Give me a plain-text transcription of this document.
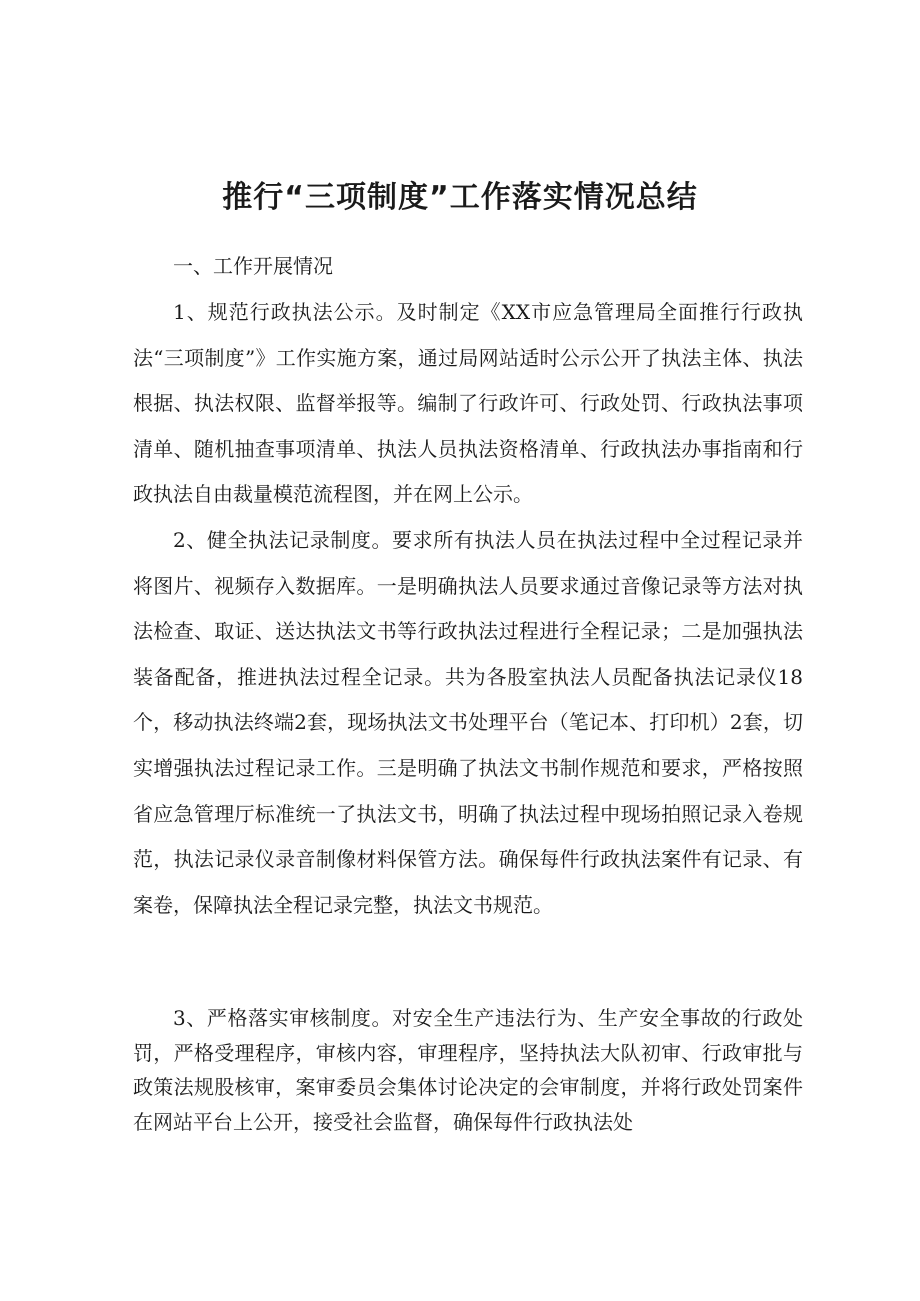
推行“三项制度”工作落实情况总结

一、工作开展情况

1、规范行政执法公示。及时制定《XX市应急管理局全面推行行政执法“三项制度”》工作实施方案，通过局网站适时公示公开了执法主体、执法根据、执法权限、监督举报等。编制了行政许可、行政处罚、行政执法事项清单、随机抽查事项清单、执法人员执法资格清单、行政执法办事指南和行政执法自由裁量模范流程图，并在网上公示。

2、健全执法记录制度。要求所有执法人员在执法过程中全过程记录并将图片、视频存入数据库。一是明确执法人员要求通过音像记录等方法对执法检查、取证、送达执法文书等行政执法过程进行全程记录；二是加强执法装备配备，推进执法过程全记录。共为各股室执法人员配备执法记录仪18个，移动执法终端2套，现场执法文书处理平台（笔记本、打印机）2套，切实增强执法过程记录工作。三是明确了执法文书制作规范和要求，严格按照省应急管理厅标准统一了执法文书，明确了执法过程中现场拍照记录入卷规范，执法记录仪录音制像材料保管方法。确保每件行政执法案件有记录、有案卷，保障执法全程记录完整，执法文书规范。

3、严格落实审核制度。对安全生产违法行为、生产安全事故的行政处罚，严格受理程序，审核内容，审理程序，坚持执法大队初审、行政审批与政策法规股核审，案审委员会集体讨论决定的会审制度，并将行政处罚案件在网站平台上公开，接受社会监督，确保每件行政执法处
